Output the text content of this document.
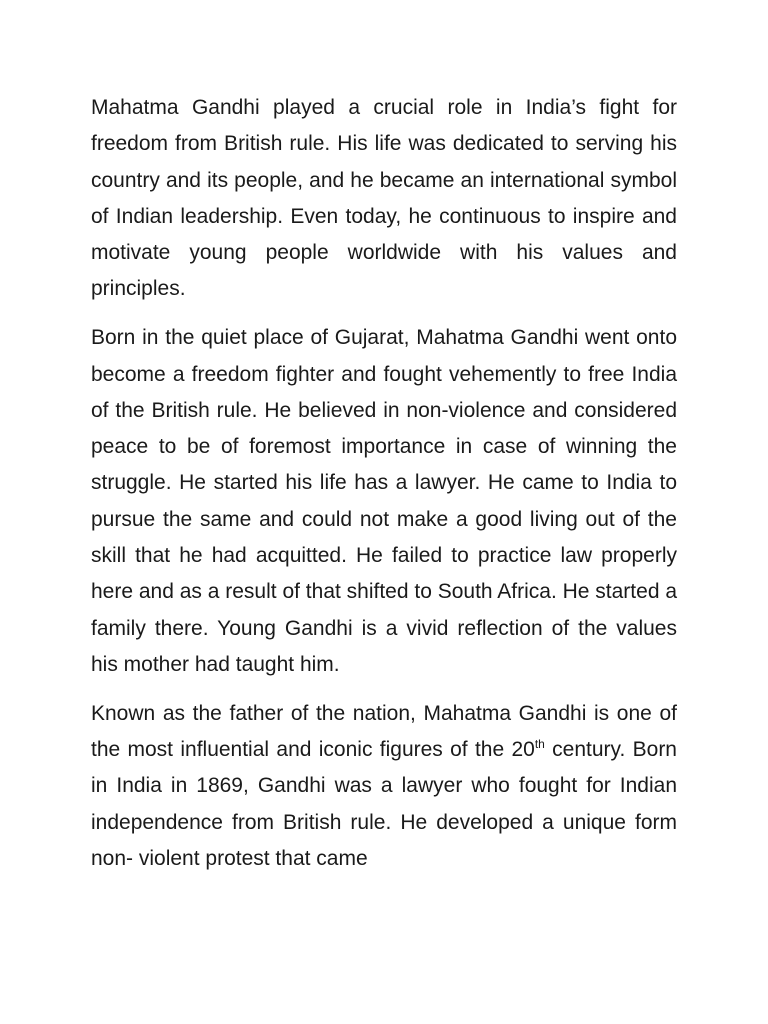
Mahatma Gandhi played a crucial role in India’s fight for freedom from British rule. His life was dedicated to serving his country and its people, and he became an international symbol of Indian leadership. Even today, he continuous to inspire and motivate young people worldwide with his values and principles.

Born in the quiet place of Gujarat, Mahatma Gandhi went onto become a freedom fighter and fought vehemently to free India of the British rule. He believed in non-violence and considered peace to be of foremost importance in case of winning the struggle. He started his life has a lawyer. He came to India to pursue the same and could not make a good living out of the skill that he had acquitted. He failed to practice law properly here and as a result of that shifted to South Africa. He started a family there. Young Gandhi is a vivid reflection of the values his mother had taught him.

Known as the father of the nation, Mahatma Gandhi is one of the most influential and iconic figures of the 20th century. Born in India in 1869, Gandhi was a lawyer who fought for Indian independence from British rule. He developed a unique form non- violent protest that came
